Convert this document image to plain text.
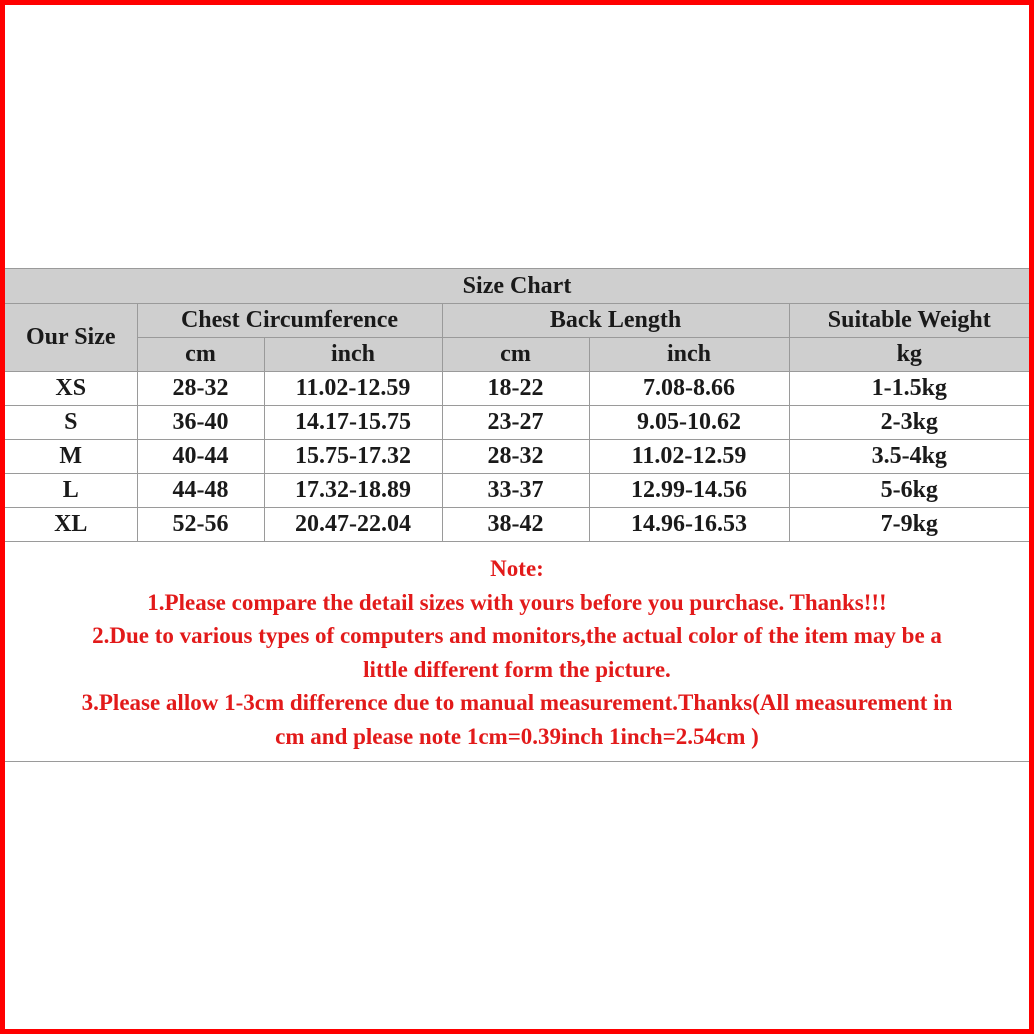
Size Chart					
Our Size	Chest Circumference		Back Length		Suitable Weight
	cm	inch	cm	inch	kg
XS	28-32	11.02-12.59	18-22	7.08-8.66	1-1.5kg
S	36-40	14.17-15.75	23-27	9.05-10.62	2-3kg
M	40-44	15.75-17.32	28-32	11.02-12.59	3.5-4kg
L	44-48	17.32-18.89	33-37	12.99-14.56	5-6kg
XL	52-56	20.47-22.04	38-42	14.96-16.53	7-9kg
Note:
1.Please compare the detail sizes with yours before you purchase. Thanks!!!
2.Due to various types of computers and monitors,the actual color of the item may be a
little different form the picture.
3.Please allow 1-3cm difference due to manual measurement.Thanks(All measurement in
cm and please note 1cm=0.39inch 1inch=2.54cm )
